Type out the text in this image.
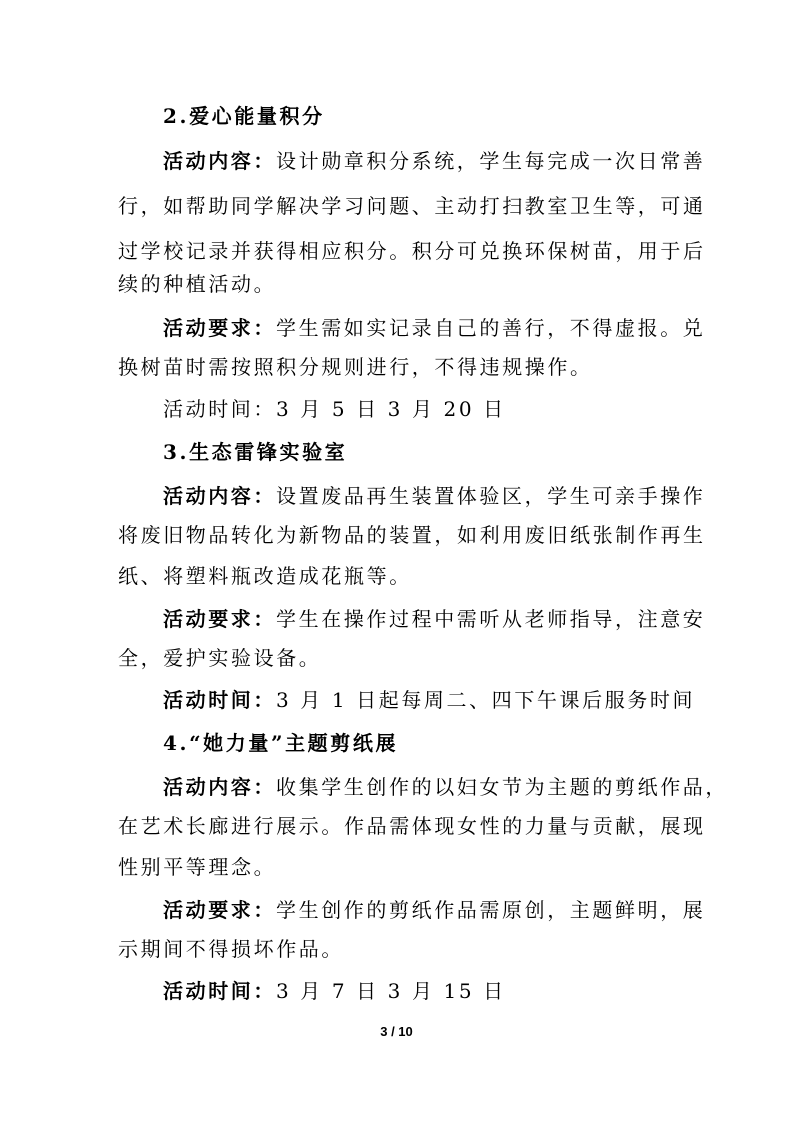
2.爱心能量积分
活动内容：设计勋章积分系统，学生每完成一次日常善
行，如帮助同学解决学习问题、主动打扫教室卫生等，可通
过学校记录并获得相应积分。积分可兑换环保树苗，用于后
续的种植活动。
活动要求：学生需如实记录自己的善行，不得虚报。兑
换树苗时需按照积分规则进行，不得违规操作。
活动时间：3 月 5 日 3 月 20 日
3.生态雷锋实验室
活动内容：设置废品再生装置体验区，学生可亲手操作
将废旧物品转化为新物品的装置，如利用废旧纸张制作再生
纸、将塑料瓶改造成花瓶等。
活动要求：学生在操作过程中需听从老师指导，注意安
全，爱护实验设备。
活动时间：3 月 1 日起每周二、四下午课后服务时间
4.“她力量”主题剪纸展
活动内容：收集学生创作的以妇女节为主题的剪纸作品，
在艺术长廊进行展示。作品需体现女性的力量与贡献，展现
性别平等理念。
活动要求：学生创作的剪纸作品需原创，主题鲜明，展
示期间不得损坏作品。
活动时间：3 月 7 日 3 月 15 日
3 / 10
